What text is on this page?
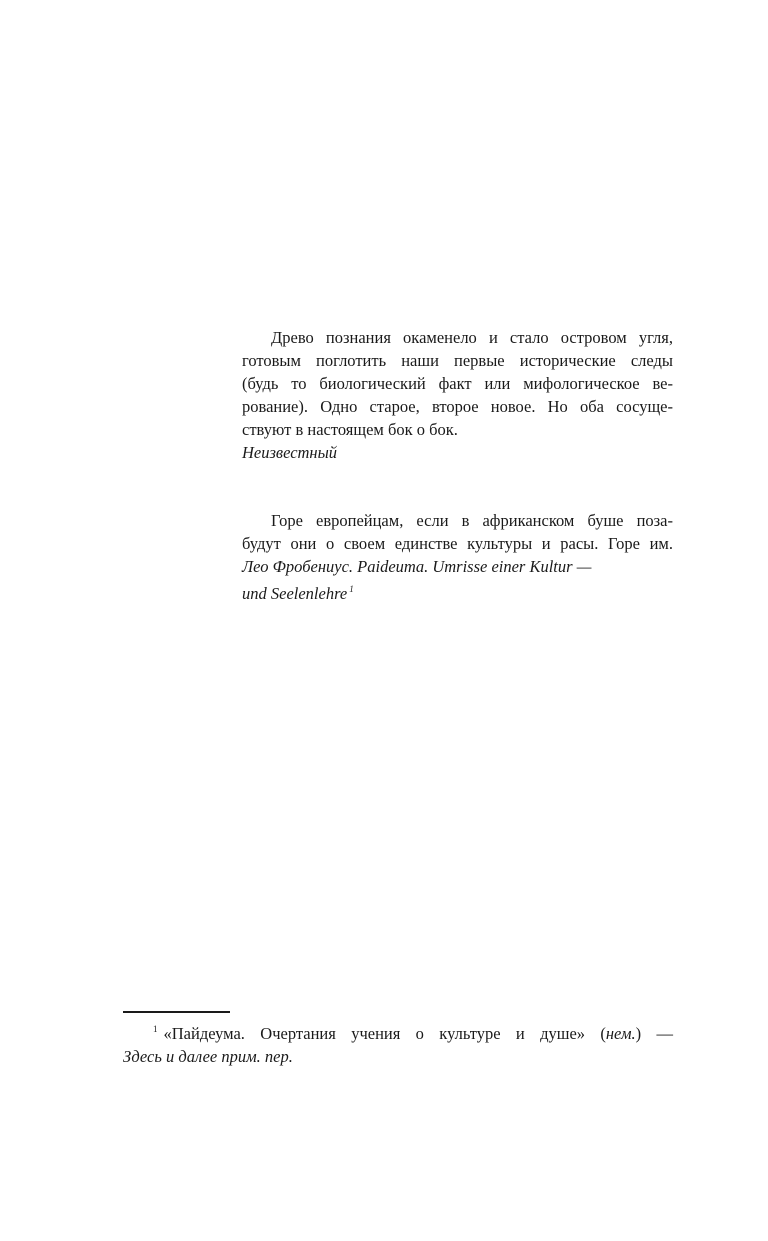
Древо познания окаменело и стало островом угля,
готовым поглотить наши первые исторические следы
(будь то биологический факт или мифологическое ве-
рование). Одно старое, второе новое. Но оба сосуще-
ствуют в настоящем бок о бок.

Неизвестный

Горе европейцам, если в африканском буше поза-
будут они о своем единстве культуры и расы. Горе им.

Лео Фробениус. Paideuma. Umrisse einer Kultur —
und Seelenlehre $^1$

$^1$ «Пайдеума. Очертания учения о культуре и душе» (нем.) —
Здесь и далее прим. пер.
